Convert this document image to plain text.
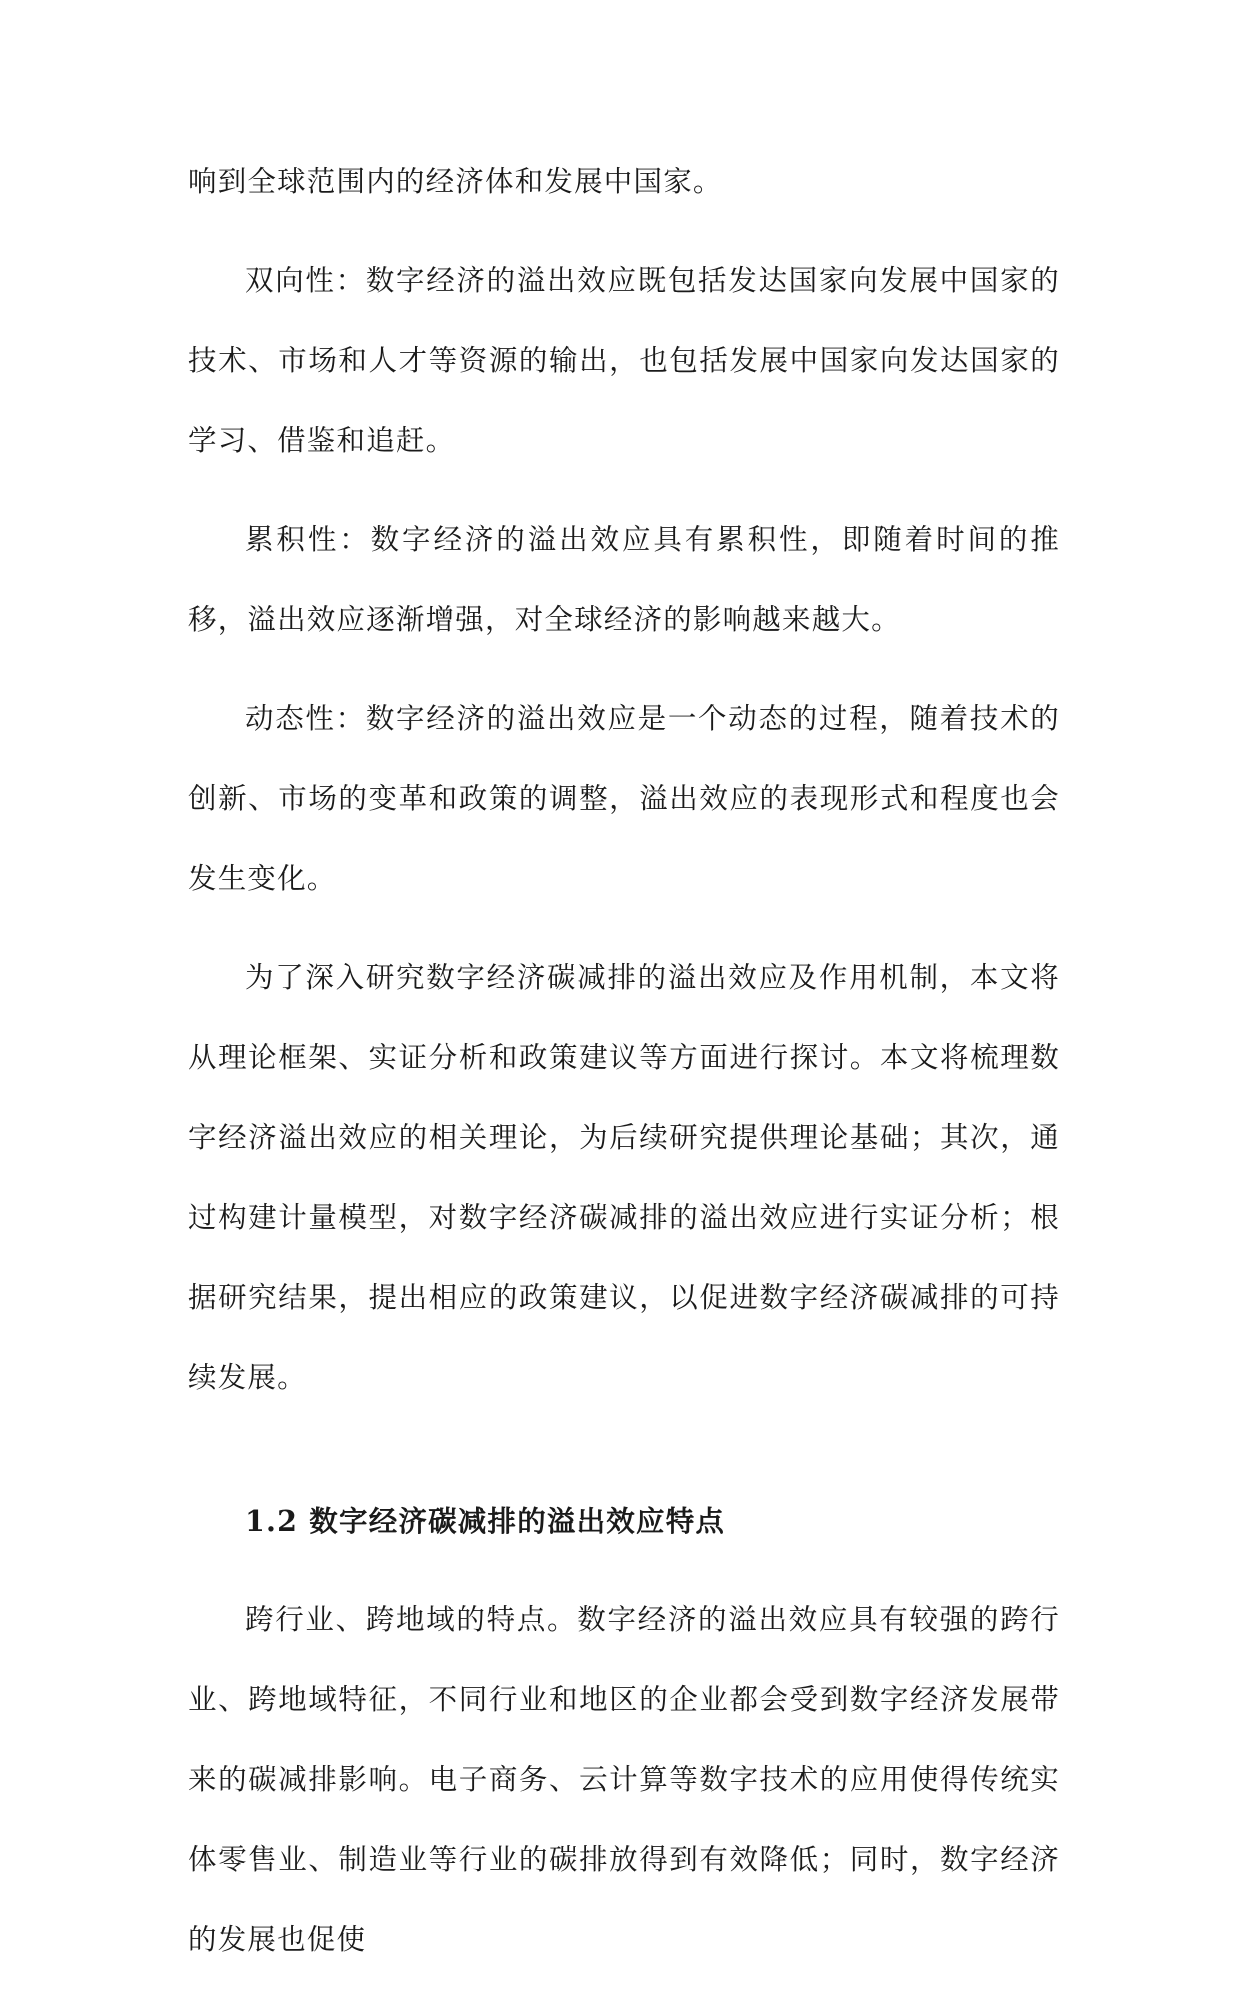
响到全球范围内的经济体和发展中国家。

双向性：数字经济的溢出效应既包括发达国家向发展中国家的技术、市场和人才等资源的输出，也包括发展中国家向发达国家的学习、借鉴和追赶。

累积性：数字经济的溢出效应具有累积性，即随着时间的推移，溢出效应逐渐增强，对全球经济的影响越来越大。

动态性：数字经济的溢出效应是一个动态的过程，随着技术的创新、市场的变革和政策的调整，溢出效应的表现形式和程度也会发生变化。

为了深入研究数字经济碳减排的溢出效应及作用机制，本文将从理论框架、实证分析和政策建议等方面进行探讨。本文将梳理数字经济溢出效应的相关理论，为后续研究提供理论基础；其次，通过构建计量模型，对数字经济碳减排的溢出效应进行实证分析；根据研究结果，提出相应的政策建议，以促进数字经济碳减排的可持续发展。

1.2 数字经济碳减排的溢出效应特点

跨行业、跨地域的特点。数字经济的溢出效应具有较强的跨行业、跨地域特征，不同行业和地区的企业都会受到数字经济发展带来的碳减排影响。电子商务、云计算等数字技术的应用使得传统实体零售业、制造业等行业的碳排放得到有效降低；同时，数字经济的发展也促使
